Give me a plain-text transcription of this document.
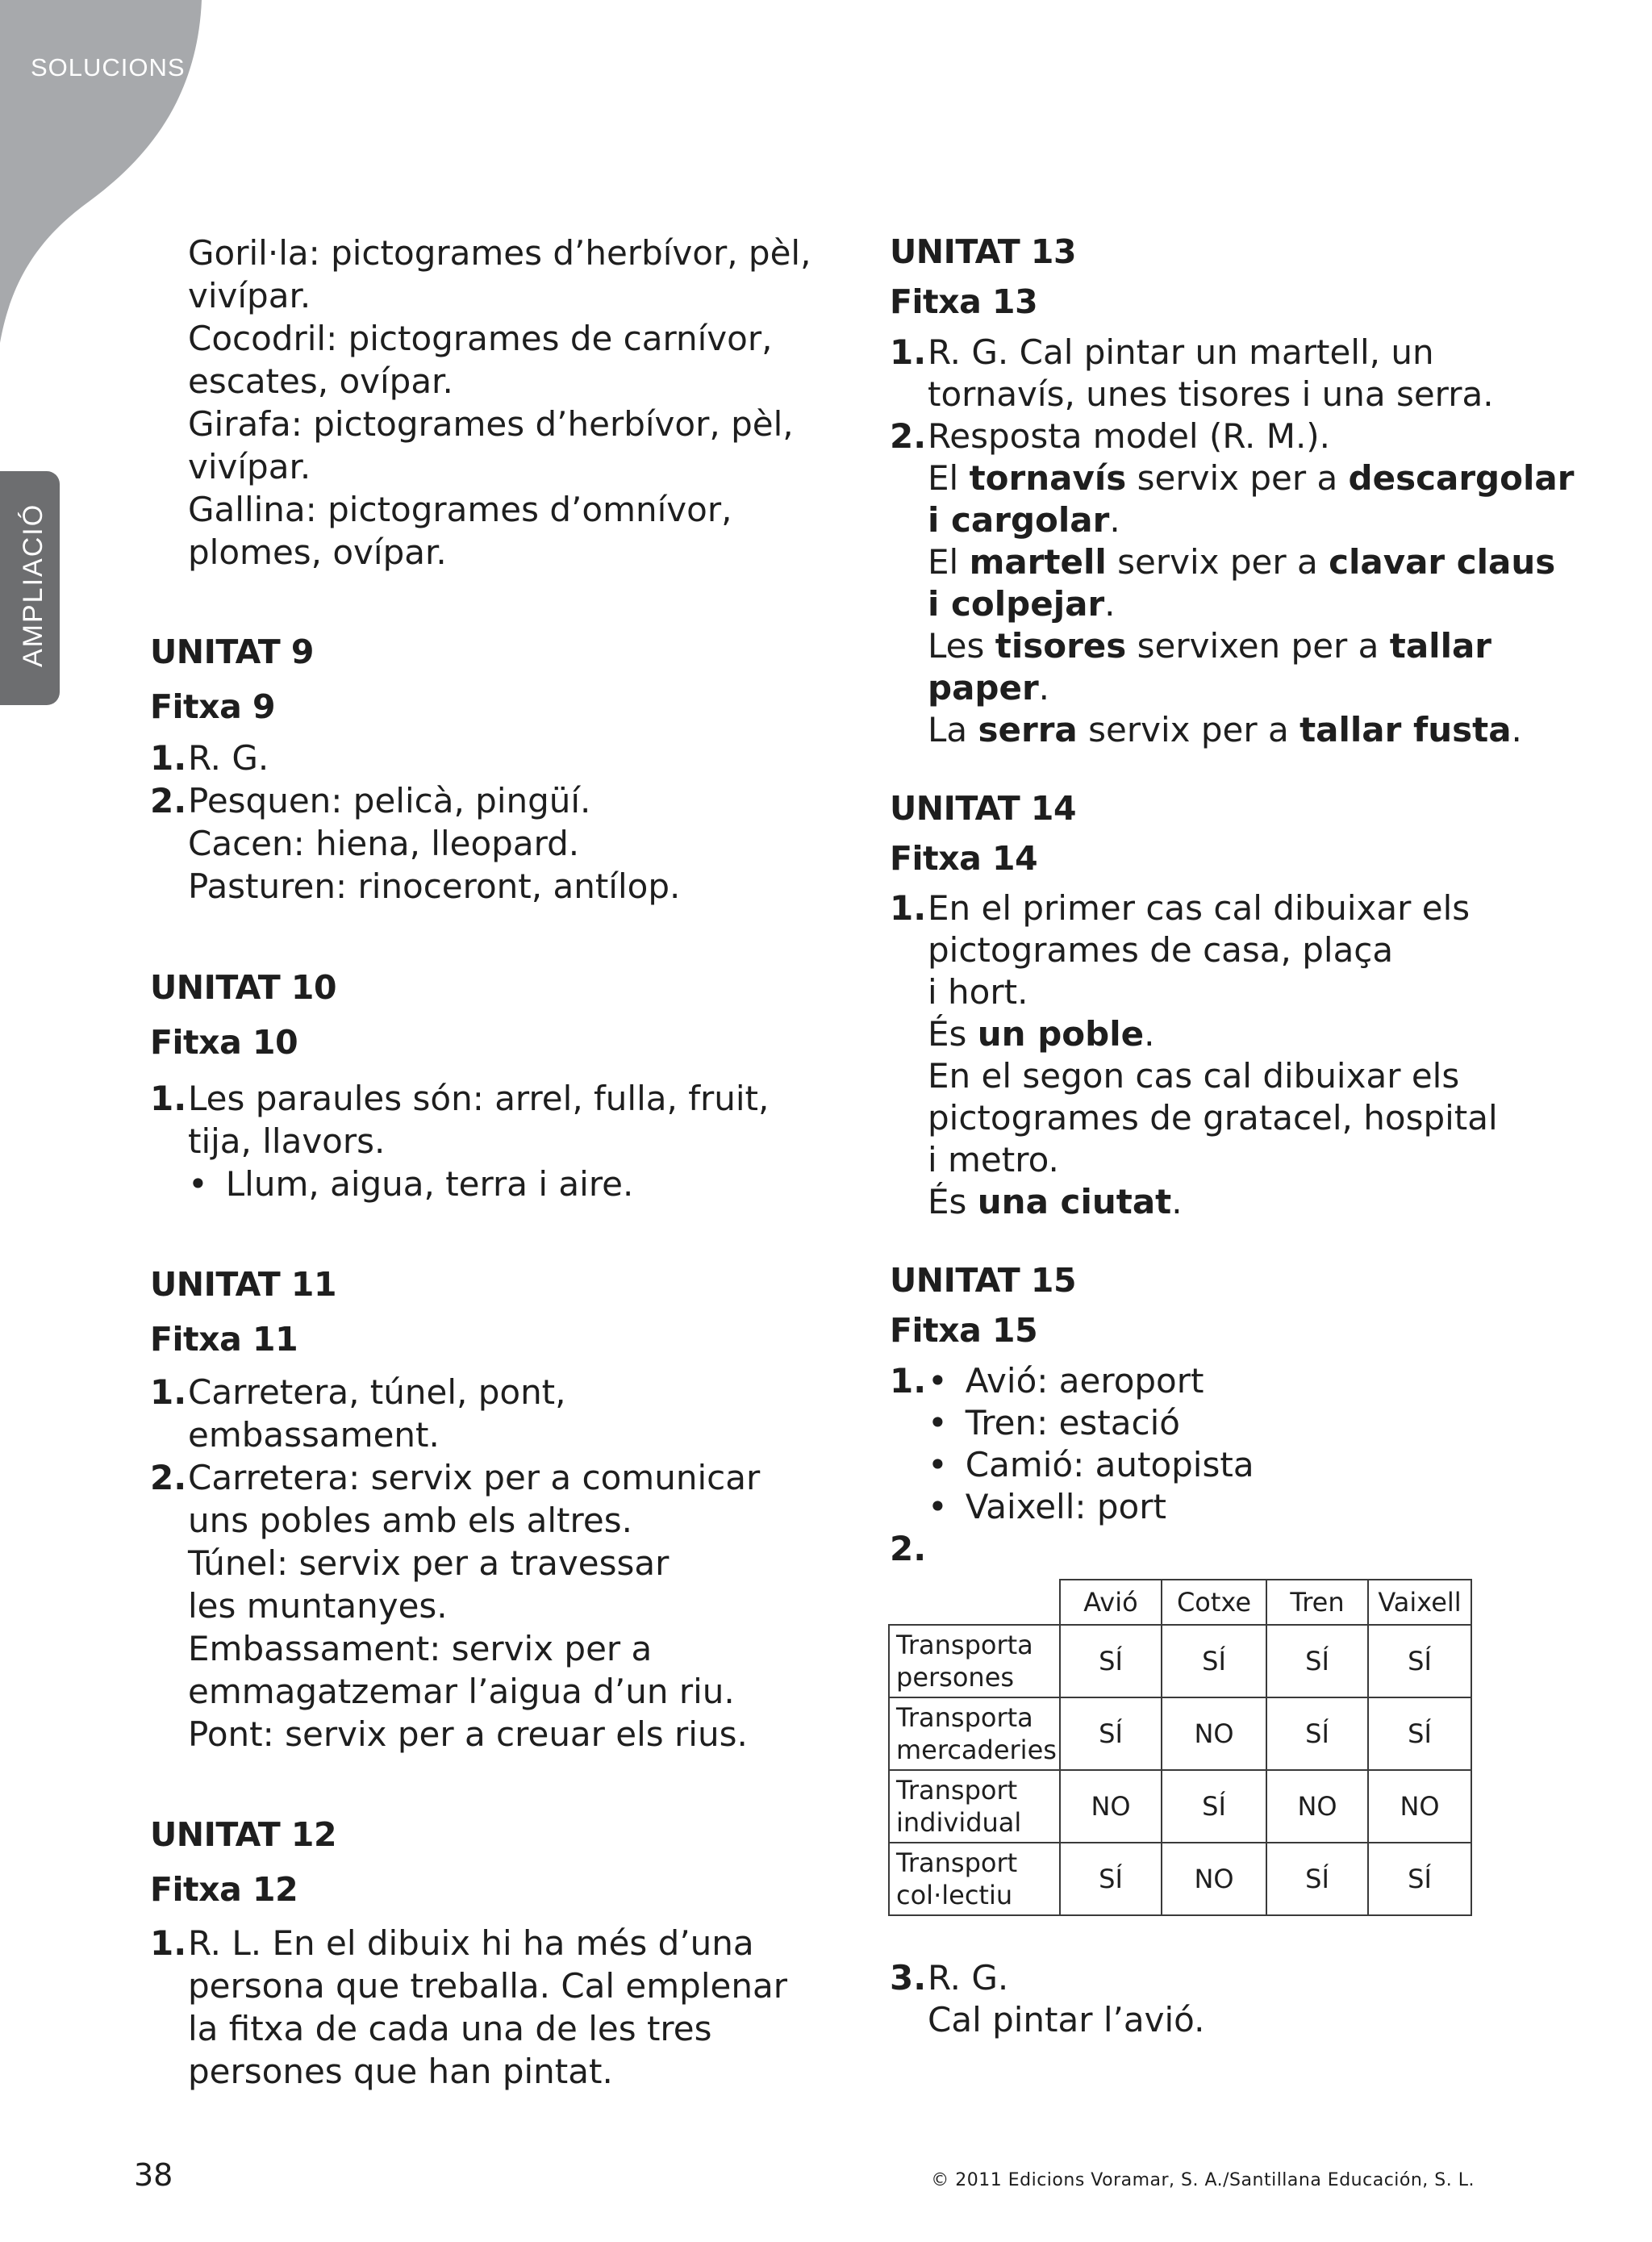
SOLUCIONS
AMPLIACIÓ
Goril·la: pictogrames d’herbívor, pèl,
vivípar.
Cocodril: pictogrames de carnívor,
escates, ovípar.
Girafa: pictogrames d’herbívor, pèl,
vivípar.
Gallina: pictogrames d’omnívor,
plomes, ovípar.
UNITAT 9
Fitxa 9
1. R. G.
2. Pesquen: pelicà, pingüí.
Cacen: hiena, lleopard.
Pasturen: rinoceront, antílop.
UNITAT 10
Fitxa 10
1. Les paraules són: arrel, fulla, fruit,
tija, llavors.
• Llum, aigua, terra i aire.
UNITAT 11
Fitxa 11
1. Carretera, túnel, pont,
embassament.
2. Carretera: servix per a comunicar
uns pobles amb els altres.
Túnel: servix per a travessar
les muntanyes.
Embassament: servix per a
emmagatzemar l’aigua d’un riu.
Pont: servix per a creuar els rius.
UNITAT 12
Fitxa 12
1. R. L. En el dibuix hi ha més d’una
persona que treballa. Cal emplenar
la fitxa de cada una de les tres
persones que han pintat.
UNITAT 13
Fitxa 13
1. R. G. Cal pintar un martell, un
tornavís, unes tisores i una serra.
2. Resposta model (R. M.).
El tornavís servix per a descargolar
i cargolar.
El martell servix per a clavar claus
i colpejar.
Les tisores servixen per a tallar
paper.
La serra servix per a tallar fusta.
UNITAT 14
Fitxa 14
1. En el primer cas cal dibuixar els
pictogrames de casa, plaça
i hort.
És un poble.
En el segon cas cal dibuixar els
pictogrames de gratacel, hospital
i metro.
És una ciutat.
UNITAT 15
Fitxa 15
1. • Avió: aeroport
• Tren: estació
• Camió: autopista
• Vaixell: port
2.
3. R. G.
Cal pintar l’avió.
	Avió	Cotxe	Tren	Vaixell
Transporta
persones	SÍ	SÍ	SÍ	SÍ
Transporta
mercaderies	SÍ	NO	SÍ	SÍ
Transport
individual	NO	SÍ	NO	NO
Transport
col·lectiu	SÍ	NO	SÍ	SÍ
38	© 2011 Edicions Voramar, S. A./Santillana Educación, S. L.
